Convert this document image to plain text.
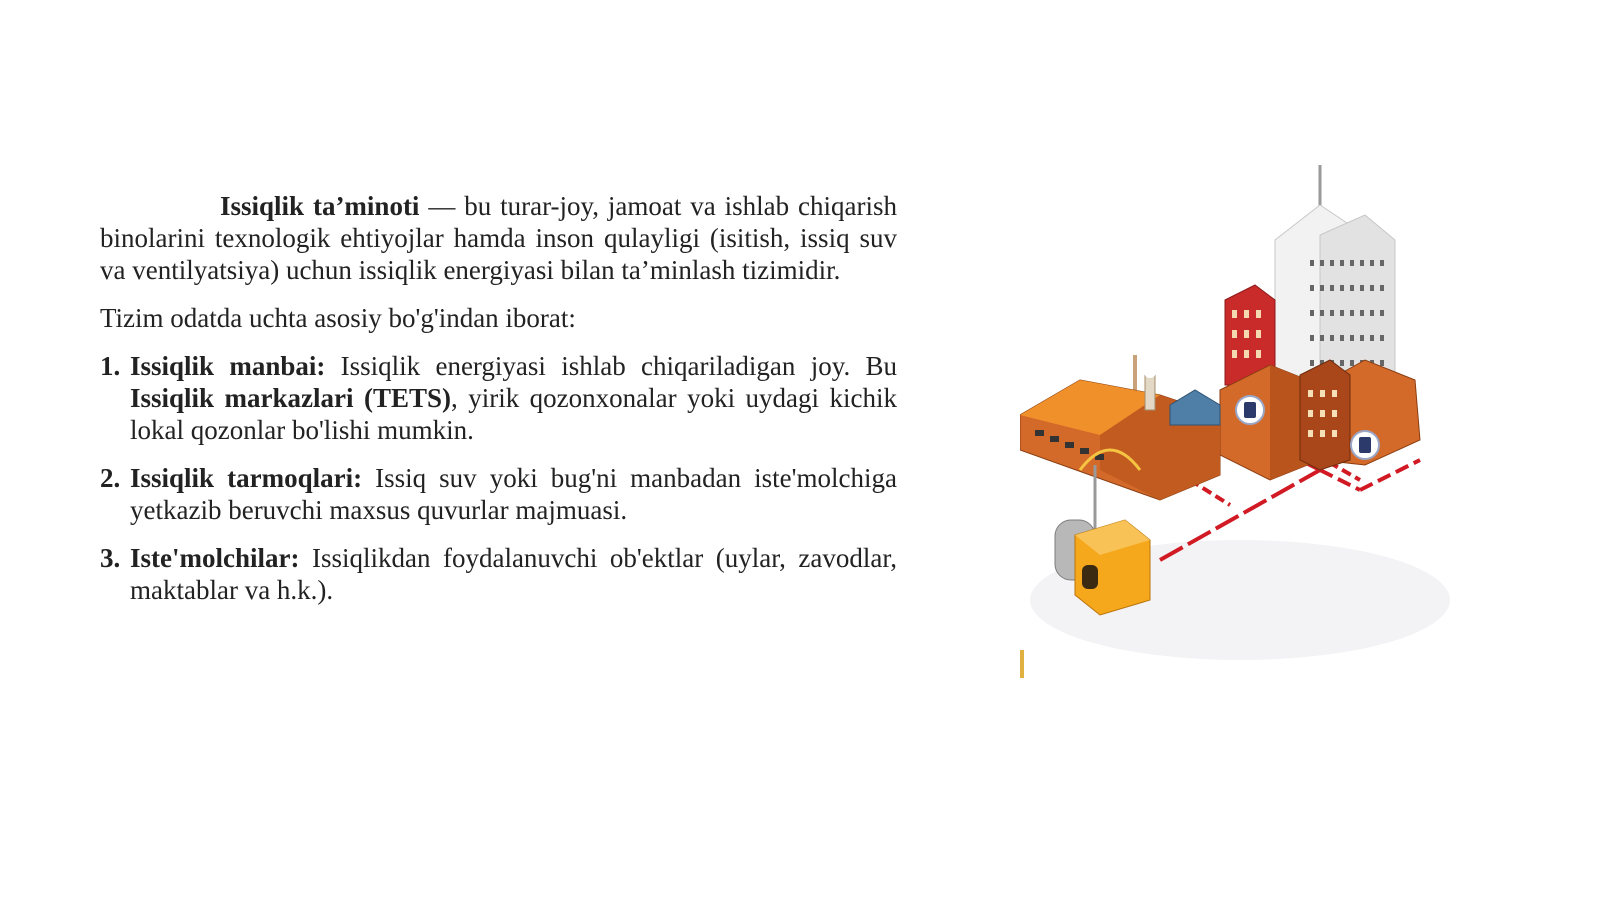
Issiqlik ta’minoti — bu turar-joy, jamoat va ishlab chiqarish binolarini texnologik ehtiyojlar hamda inson qulayligi (isitish, issiq suv va ventilyatsiya) uchun issiqlik energiyasi bilan ta’minlash tizimidir.

Tizim odatda uchta asosiy bo'g'indan iborat:

1. Issiqlik manbai: Issiqlik energiyasi ishlab chiqariladigan joy. Bu Issiqlik markazlari (TETS), yirik qozonxonalar yoki uydagi kichik lokal qozonlar bo'lishi mumkin.
2. Issiqlik tarmoqlari: Issiq suv yoki bug'ni manbadan iste'molchiga yetkazib beruvchi maxsus quvurlar majmuasi.
3. Iste'molchilar: Issiqlikdan foydalanuvchi ob'ektlar (uylar, zavodlar, maktablar va h.k.).
